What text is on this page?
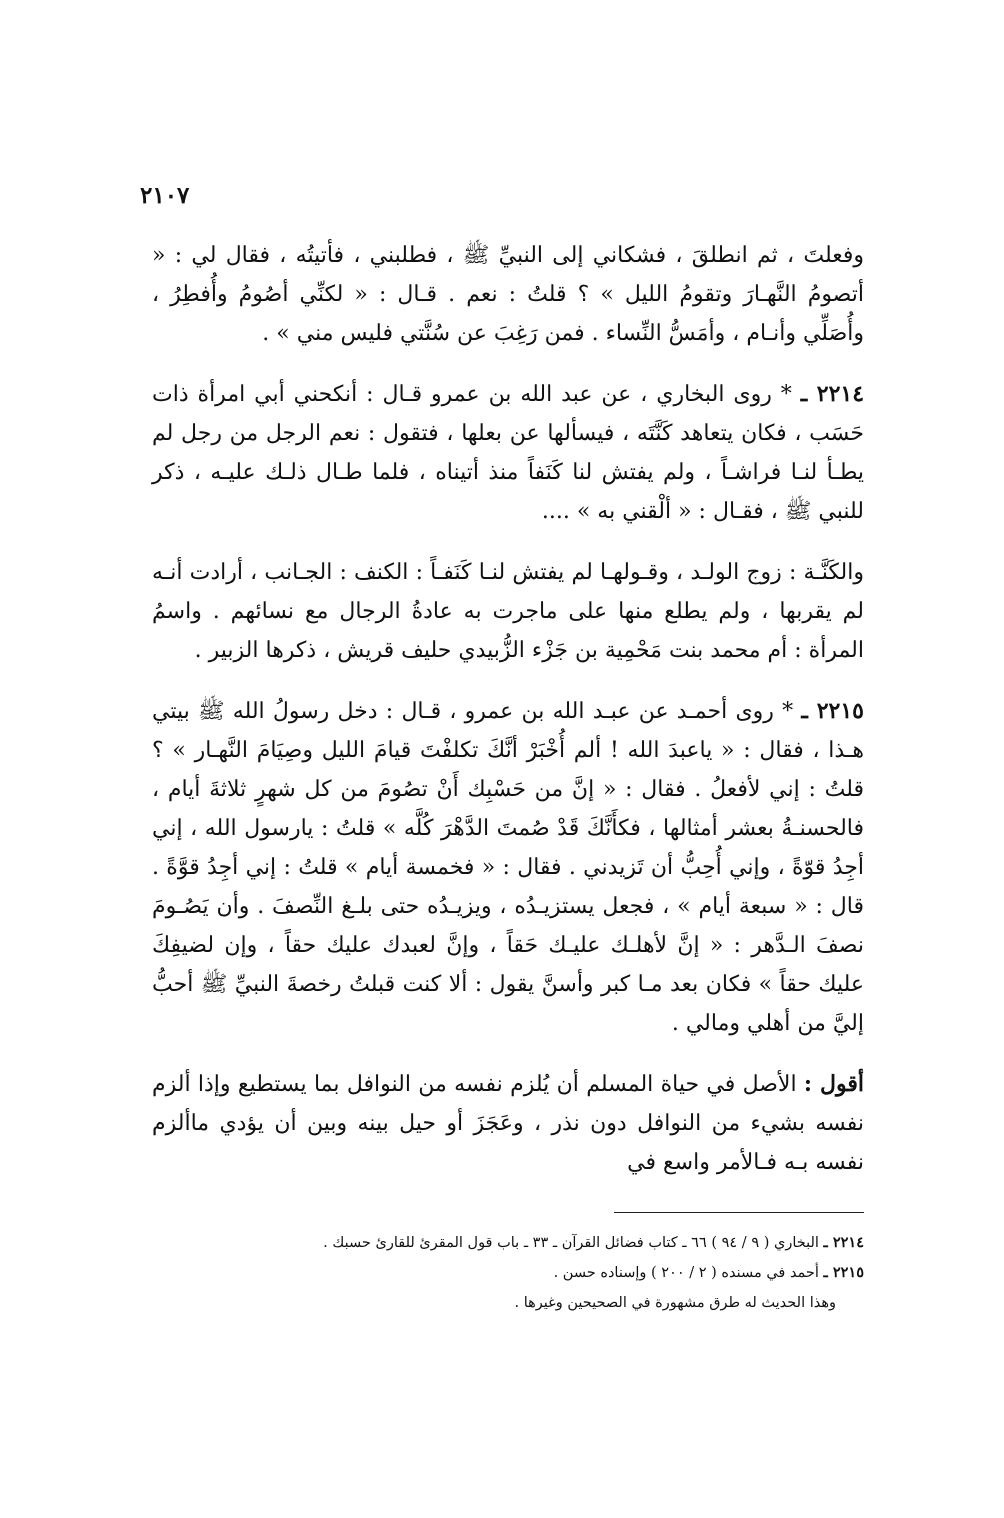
٢١٠٧

وفعلتَ ، ثم انطلقَ ، فشكاني إلى النبيِّ ﷺ ، فطلبني ، فأتيتُه ، فقال لي : « أتصومُ النَّهـارَ وتقومُ الليل » ؟ قلتُ : نعم . قـال : « لكنِّي أصُومُ وأُفطِرُ ، وأُصَلِّي وأنـام ، وأمَسُّ النِّساء . فمن رَغِبَ عن سُنَّتي فليس مني » .

٢٢١٤ ـ * روى البخاري ، عن عبد الله بن عمرو قـال : أنكحني أبي امرأة ذات حَسَب ، فكان يتعاهد كَنَّتَه ، فيسألها عن بعلها ، فتقول : نعم الرجل من رجل لم يطـأ لنـا فراشـاً ، ولم يفتش لنا كَنَفاً منذ أتيناه ، فلما طـال ذلـك عليـه ، ذكر للنبي ﷺ ، فقـال : « ألْقني به » ....

والكَنَّـة : زوج الولـد ، وقـولهـا لم يفتش لنـا كَنَفـاً : الكنف : الجـانب ، أرادت أنـه لم يقربها ، ولم يطلع منها على ماجرت به عادةُ الرجال مع نسائهم . واسمُ المرأة : أم محمد بنت مَحْمِية بن جَزْء الزُّبيدي حليف قريش ، ذكرها الزبير .

٢٢١٥ ـ * روى أحمـد عن عبـد الله بن عمرو ، قـال : دخل رسولُ الله ﷺ بيتي هـذا ، فقال : « ياعبدَ الله ! ألم أُخْبَرْ أنَّكَ تكلفْتَ قيامَ الليل وصِيَامَ النَّهـار » ؟ قلتُ : إني لأفعلُ . فقال : « إنَّ من حَسْبِك أَنْ تصُومَ من كل شهرٍ ثلاثةَ أيام ، فالحسنـةُ بعشر أمثالها ، فكأَنَّكَ قَدْ صُمتَ الدَّهْرَ كُلَّه » قلتُ : يارسول الله ، إني أجِدُ قوّةً ، وإني أُحِبُّ أن تَزيدني . فقال : « فخمسة أيام » قلتُ : إني أجِدُ قوَّةً . قال : « سبعة أيام » ، فجعل يستزيـدُه ، ويزيـدُه حتى بلـغ النِّصفَ . وأن يَصُـومَ نصفَ الـدَّهر : « إنَّ لأهلـك عليـك حَقاً ، وإنَّ لعبدك عليك حقاً ، وإن لضيفِكَ عليك حقاً » فكان بعد مـا كبر وأسنَّ يقول : ألا كنت قبلتُ رخصةَ النبيِّ ﷺ أحبُّ إليَّ من أهلي ومالي .

أقول : الأصل في حياة المسلم أن يُلزم نفسه من النوافل بما يستطيع وإذا ألزم نفسه بشيء من النوافل دون نذر ، وعَجَزَ أو حيل بينه وبين أن يؤدي ماألزم نفسه بـه فـالأمر واسع في

٢٢١٤ ـ البخاري ( ٩ / ٩٤ ) ٦٦ ـ كتاب فضائل القرآن ـ ٣٣ ـ باب قول المقرئ للقارئ حسبك .

٢٢١٥ ـ أحمد في مسنده ( ٢ / ٢٠٠ ) وإسناده حسن .

وهذا الحديث له طرق مشهورة في الصحيحين وغيرها .
